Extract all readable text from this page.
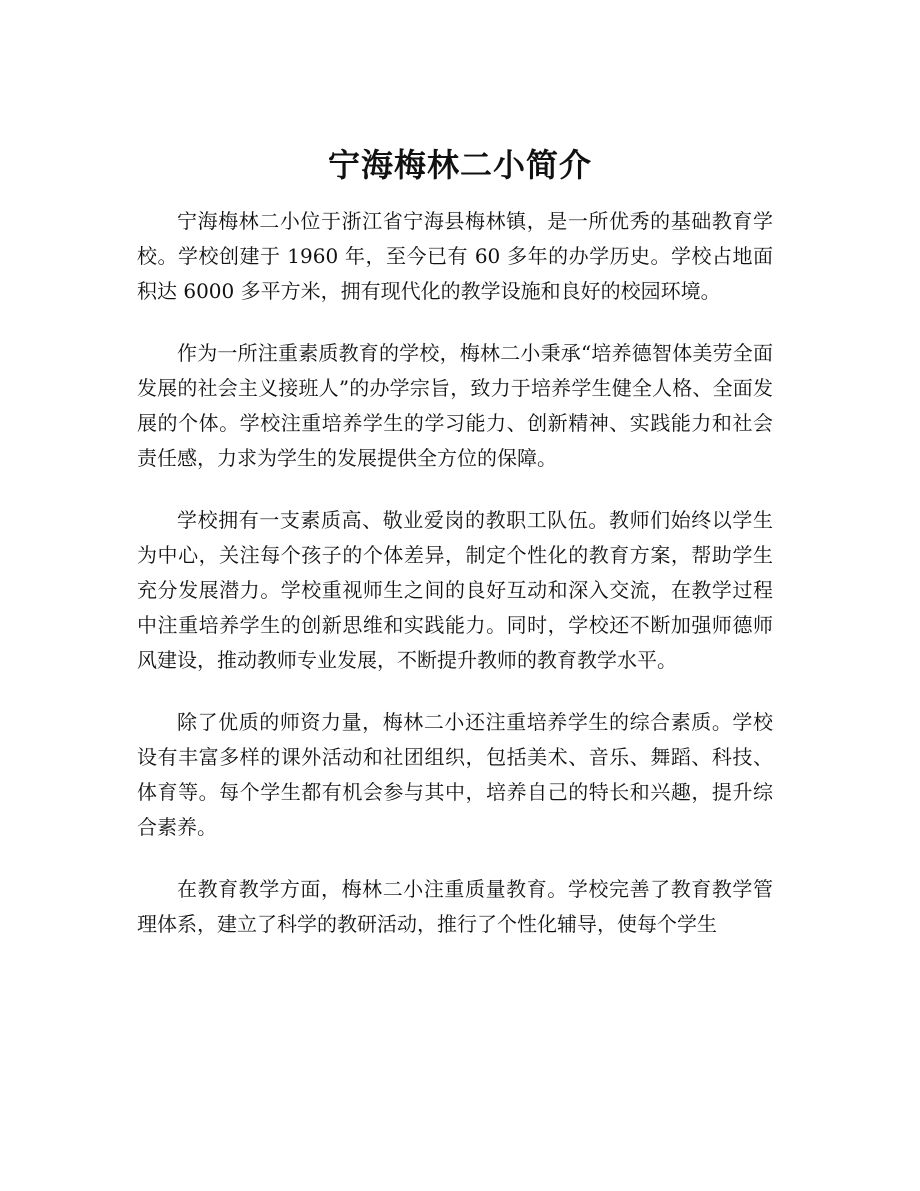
宁海梅林二小简介

宁海梅林二小位于浙江省宁海县梅林镇，是一所优秀的基础教育学校。学校创建于 1960 年，至今已有 60 多年的办学历史。学校占地面积达 6000 多平方米，拥有现代化的教学设施和良好的校园环境。

作为一所注重素质教育的学校，梅林二小秉承“培养德智体美劳全面发展的社会主义接班人”的办学宗旨，致力于培养学生健全人格、全面发展的个体。学校注重培养学生的学习能力、创新精神、实践能力和社会责任感，力求为学生的发展提供全方位的保障。

学校拥有一支素质高、敬业爱岗的教职工队伍。教师们始终以学生为中心，关注每个孩子的个体差异，制定个性化的教育方案，帮助学生充分发展潜力。学校重视师生之间的良好互动和深入交流，在教学过程中注重培养学生的创新思维和实践能力。同时，学校还不断加强师德师风建设，推动教师专业发展，不断提升教师的教育教学水平。

除了优质的师资力量，梅林二小还注重培养学生的综合素质。学校设有丰富多样的课外活动和社团组织，包括美术、音乐、舞蹈、科技、体育等。每个学生都有机会参与其中，培养自己的特长和兴趣，提升综合素养。

在教育教学方面，梅林二小注重质量教育。学校完善了教育教学管理体系，建立了科学的教研活动，推行了个性化辅导，使每个学生
